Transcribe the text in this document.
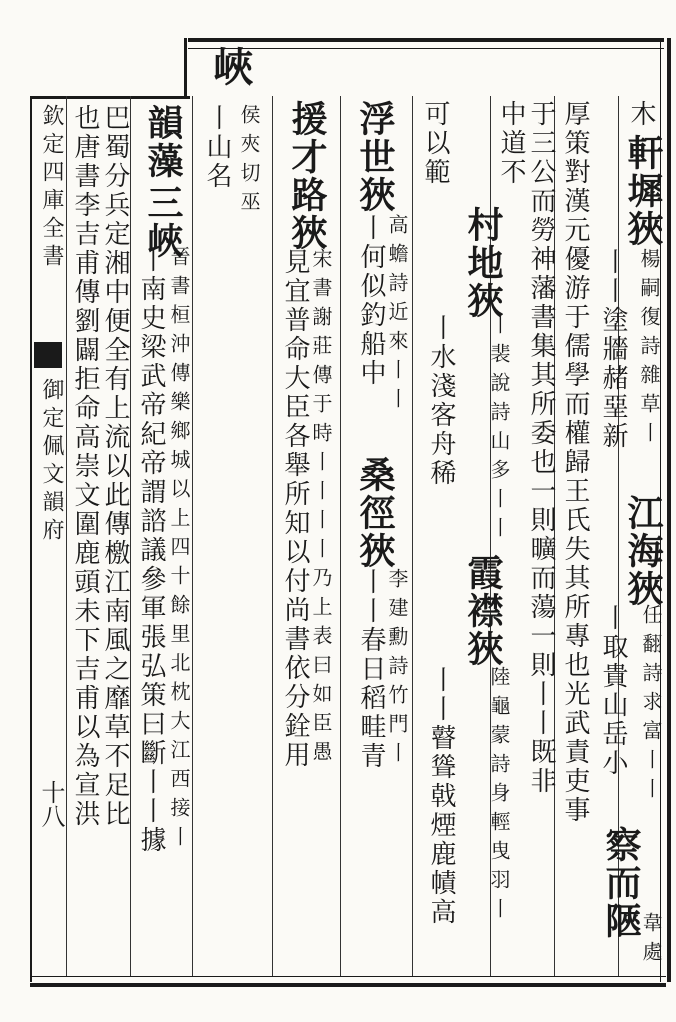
欽定四庫全書
御定佩文韻府
十八
木
軒墀狹
楊嗣復詩雜草丨
丨丨塗牆赭堊新
江海狹
任翻詩求富丨丨
丨取貴山岳小
察而陿
韋處
厚策對漢元優游于儒學而權歸王氏失其所專也光武責吏事
于三公而勞神藩書集其所委也一則曠而蕩一則丨丨既非
中道不
村地狹
丨裴說詩山多丨丨
霞襟狹
陸龜蒙詩身輕曳羽丨
可以範
丨水淺客舟稀
丨丨瞽聳戟煙鹿幘高
浮世狹
高蟾詩近來丨丨
丨何似釣船中
桑徑狹
李建勳詩竹門丨
丨丨春日稻畦青
援才路狹
宋書謝莊傳于時丨丨丨丨乃上表曰如臣愚
見宜普命大臣各舉所知以付尚書依分銓用
峽
侯夾切巫
丨山名
韻藻
三峽
晉書桓沖傳樂鄉城以上四十餘里北枕大江西接丨
丨南史梁武帝紀帝謂諮議參軍張弘策曰斷丨丨據
巴蜀分兵定湘中便全有上流以此傳檄江南風之靡草不足比
也唐書李吉甫傳劉闢拒命高崇文圍鹿頭未下吉甫以為宣洪
